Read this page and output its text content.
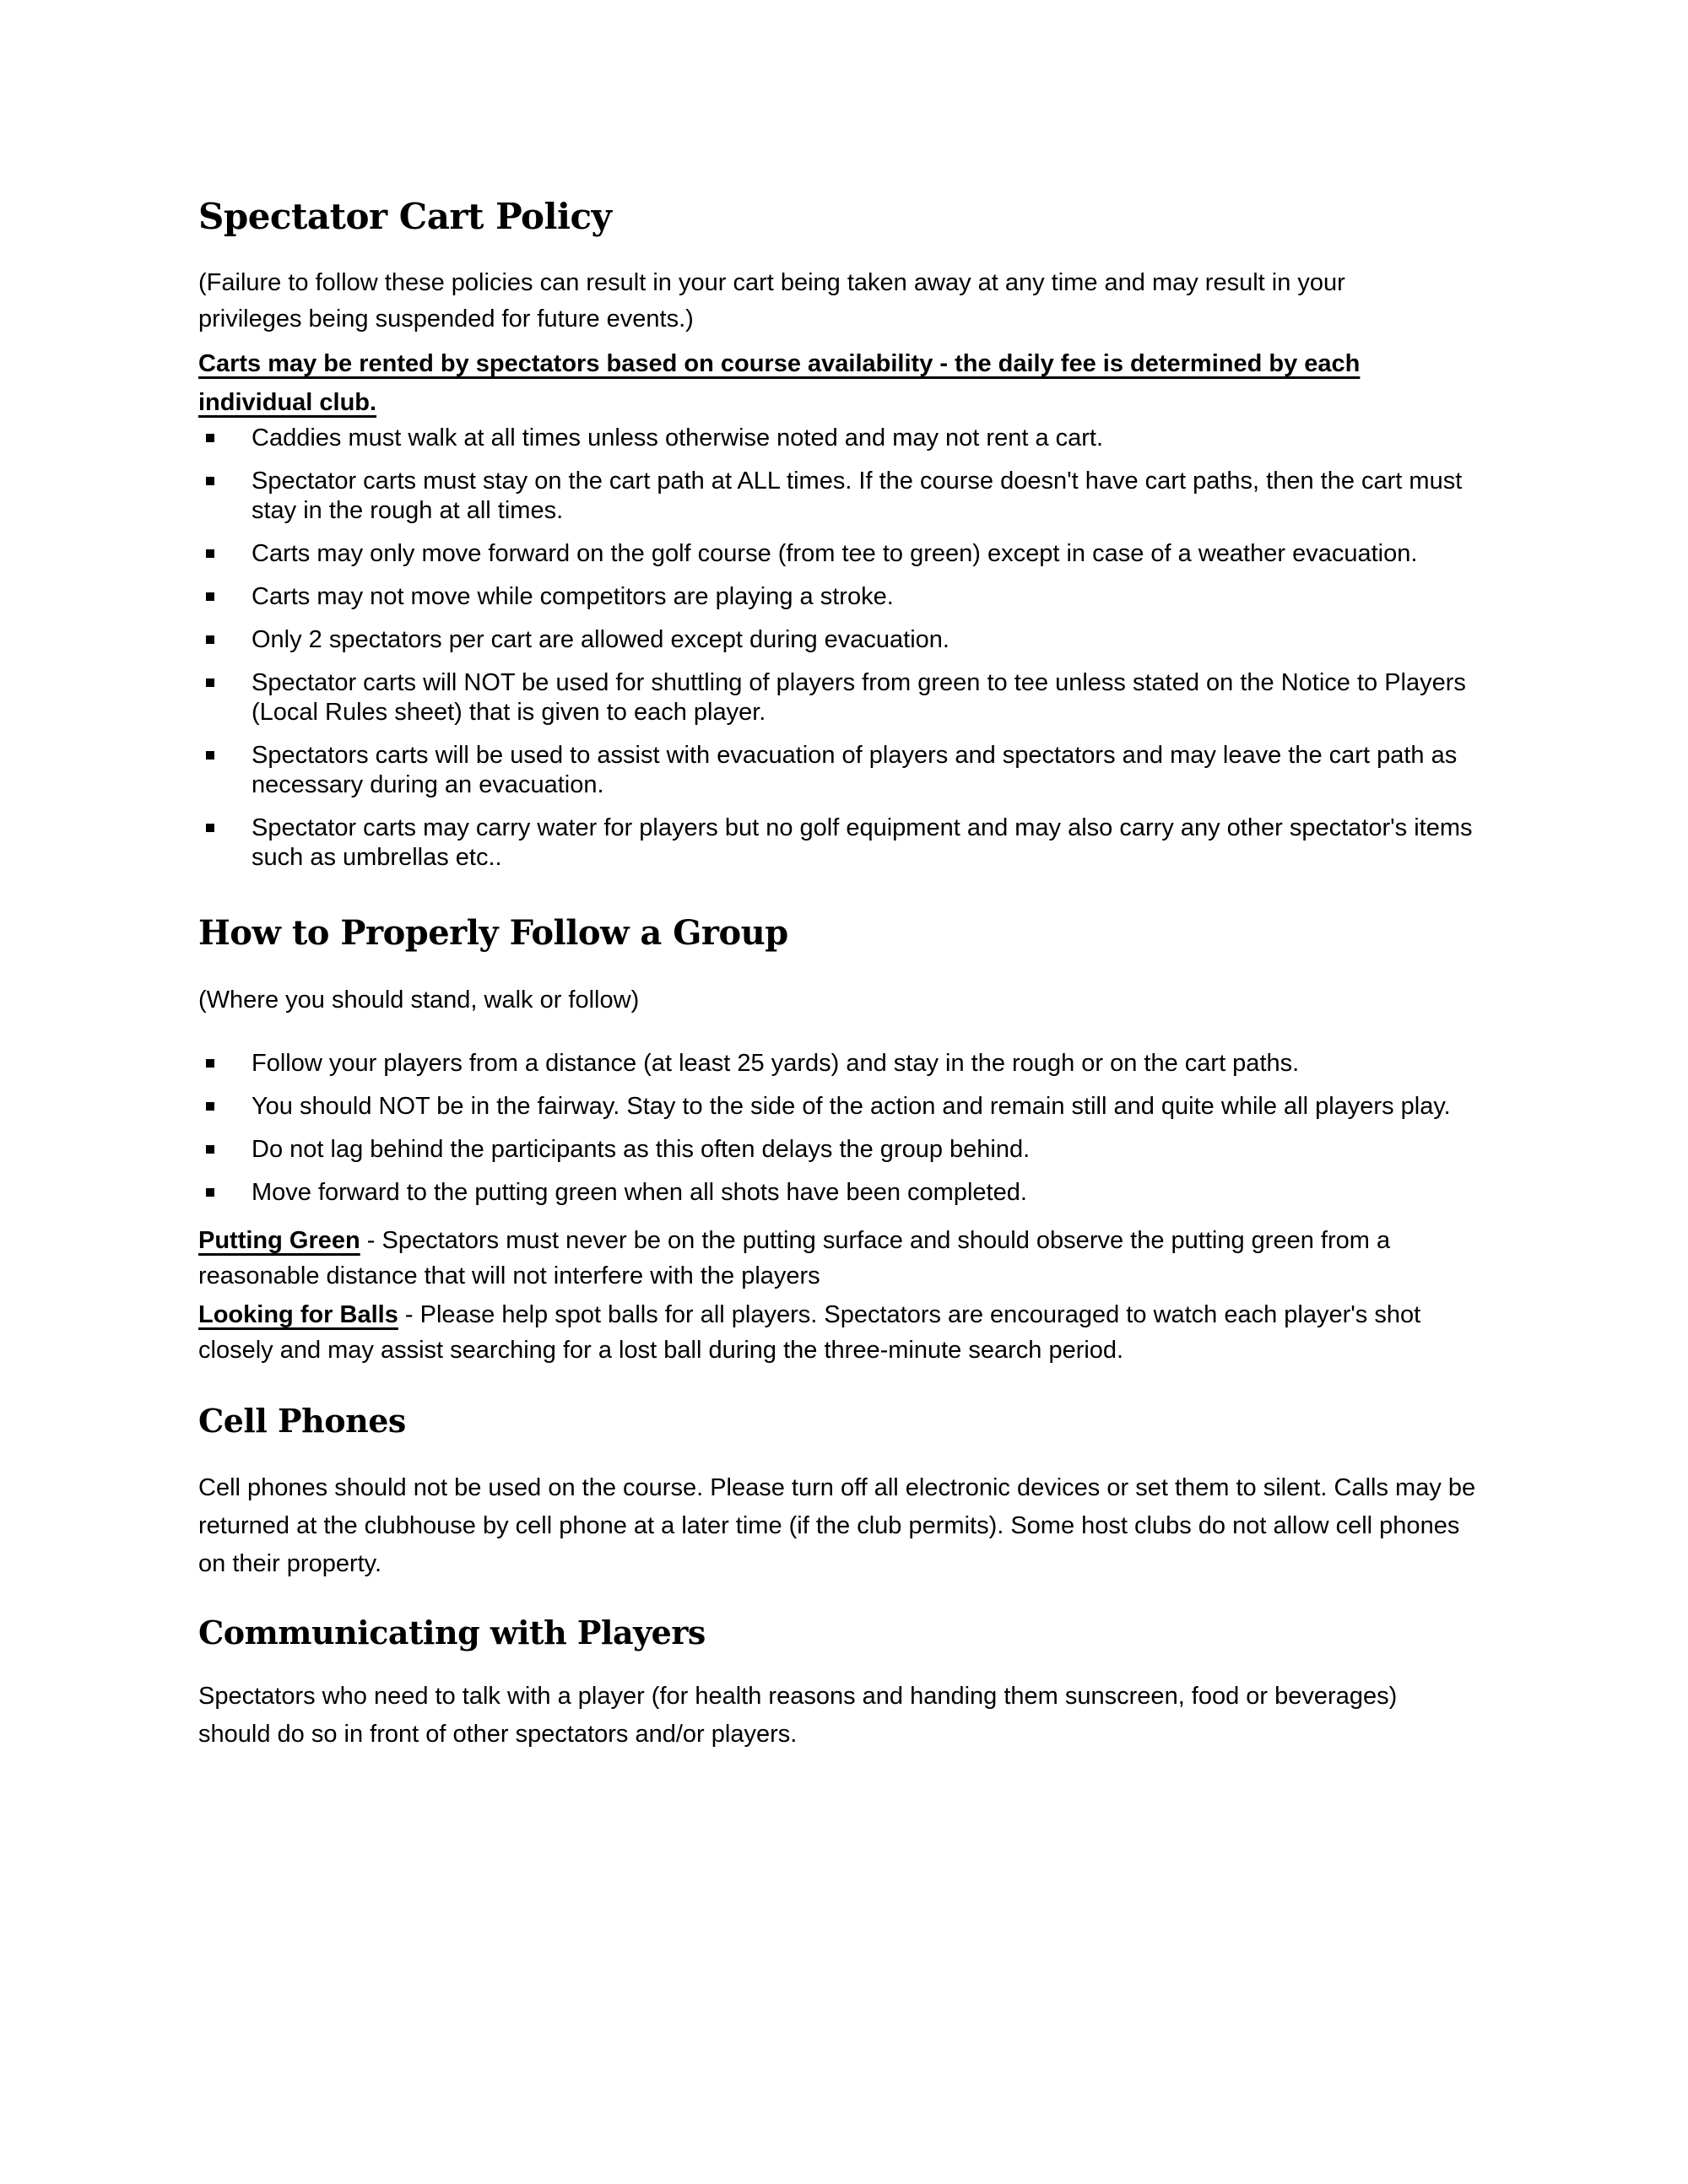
Spectator Cart Policy

(Failure to follow these policies can result in your cart being taken away at any time and may result in your privileges being suspended for future events.)

Carts may be rented by spectators based on course availability - the daily fee is determined by each individual club.

Caddies must walk at all times unless otherwise noted and may not rent a cart.
Spectator carts must stay on the cart path at ALL times. If the course doesn't have cart paths, then the cart must stay in the rough at all times.
Carts may only move forward on the golf course (from tee to green) except in case of a weather evacuation.
Carts may not move while competitors are playing a stroke.
Only 2 spectators per cart are allowed except during evacuation.
Spectator carts will NOT be used for shuttling of players from green to tee unless stated on the Notice to Players (Local Rules sheet) that is given to each player.
Spectators carts will be used to assist with evacuation of players and spectators and may leave the cart path as necessary during an evacuation.
Spectator carts may carry water for players but no golf equipment and may also carry any other spectator's items such as umbrellas etc..
How to Properly Follow a Group

(Where you should stand, walk or follow)

Follow your players from a distance (at least 25 yards) and stay in the rough or on the cart paths.
You should NOT be in the fairway. Stay to the side of the action and remain still and quite while all players play.
Do not lag behind the participants as this often delays the group behind.
Move forward to the putting green when all shots have been completed.

Putting Green - Spectators must never be on the putting surface and should observe the putting green from a reasonable distance that will not interfere with the players

Looking for Balls - Please help spot balls for all players. Spectators are encouraged to watch each player's shot closely and may assist searching for a lost ball during the three-minute search period.

Cell Phones

Cell phones should not be used on the course. Please turn off all electronic devices or set them to silent. Calls may be returned at the clubhouse by cell phone at a later time (if the club permits). Some host clubs do not allow cell phones on their property.

Communicating with Players

Spectators who need to talk with a player (for health reasons and handing them sunscreen, food or beverages) should do so in front of other spectators and/or players.
